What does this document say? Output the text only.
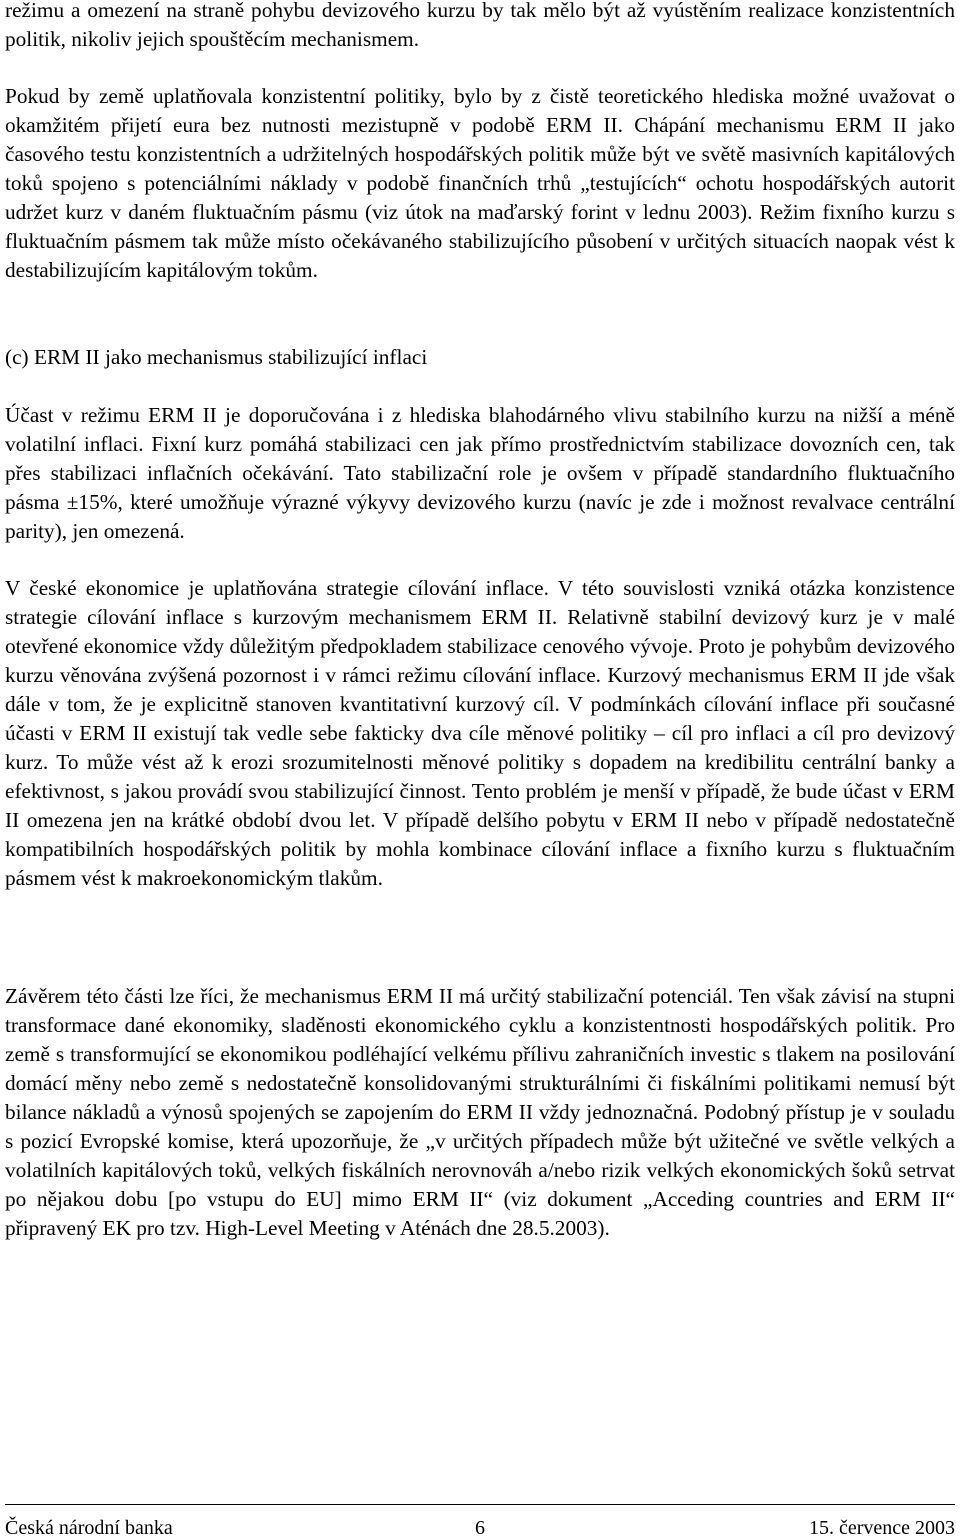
režimu a omezení na straně pohybu devizového kurzu by tak mělo být až vyústěním realizace konzistentních politik, nikoliv jejich spouštěcím mechanismem.

Pokud by země uplatňovala konzistentní politiky, bylo by z čistě teoretického hlediska možné uvažovat o okamžitém přijetí eura bez nutnosti mezistupně v podobě ERM II. Chápání mechanismu ERM II jako časového testu konzistentních a udržitelných hospodářských politik může být ve světě masivních kapitálových toků spojeno s potenciálními náklady v podobě finančních trhů „testujících“ ochotu hospodářských autorit udržet kurz v daném fluktuačním pásmu (viz útok na maďarský forint v lednu 2003). Režim fixního kurzu s fluktuačním pásmem tak může místo očekávaného stabilizujícího působení v určitých situacích naopak vést k destabilizujícím kapitálovým tokům.

(c) ERM II jako mechanismus stabilizující inflaci

Účast v režimu ERM II je doporučována i z hlediska blahodárného vlivu stabilního kurzu na nižší a méně volatilní inflaci. Fixní kurz pomáhá stabilizaci cen jak přímo prostřednictvím stabilizace dovozních cen, tak přes stabilizaci inflačních očekávání. Tato stabilizační role je ovšem v případě standardního fluktuačního pásma ±15%, které umožňuje výrazné výkyvy devizového kurzu (navíc je zde i možnost revalvace centrální parity), jen omezená.

V české ekonomice je uplatňována strategie cílování inflace. V této souvislosti vzniká otázka konzistence strategie cílování inflace s kurzovým mechanismem ERM II. Relativně stabilní devizový kurz je v malé otevřené ekonomice vždy důležitým předpokladem stabilizace cenového vývoje. Proto je pohybům devizového kurzu věnována zvýšená pozornost i v rámci režimu cílování inflace. Kurzový mechanismus ERM II jde však dále v tom, že je explicitně stanoven kvantitativní kurzový cíl. V podmínkách cílování inflace při současné účasti v ERM II existují tak vedle sebe fakticky dva cíle měnové politiky – cíl pro inflaci a cíl pro devizový kurz. To může vést až k erozi srozumitelnosti měnové politiky s dopadem na kredibilitu centrální banky a efektivnost, s jakou provádí svou stabilizující činnost. Tento problém je menší v případě, že bude účast v ERM II omezena jen na krátké období dvou let. V případě delšího pobytu v ERM II nebo v případě nedostatečně kompatibilních hospodářských politik by mohla kombinace cílování inflace a fixního kurzu s fluktuačním pásmem vést k makroekonomickým tlakům.

Závěrem této části lze říci, že mechanismus ERM II má určitý stabilizační potenciál. Ten však závisí na stupni transformace dané ekonomiky, sladěnosti ekonomického cyklu a konzistentnosti hospodářských politik. Pro země s transformující se ekonomikou podléhající velkému přílivu zahraničních investic s tlakem na posilování domácí měny nebo země s nedostatečně konsolidovanými strukturálními či fiskálními politikami nemusí být bilance nákladů a výnosů spojených se zapojením do ERM II vždy jednoznačná. Podobný přístup je v souladu s pozicí Evropské komise, která upozorňuje, že „v určitých případech může být užitečné ve světle velkých a volatilních kapitálových toků, velkých fiskálních nerovnováh a/nebo rizik velkých ekonomických šoků setrvat po nějakou dobu [po vstupu do EU] mimo ERM II“ (viz dokument „Acceding countries and ERM II“ připravený EK pro tzv. High-Level Meeting v Aténách dne 28.5.2003).

Česká národní banka	6	15. července 2003
